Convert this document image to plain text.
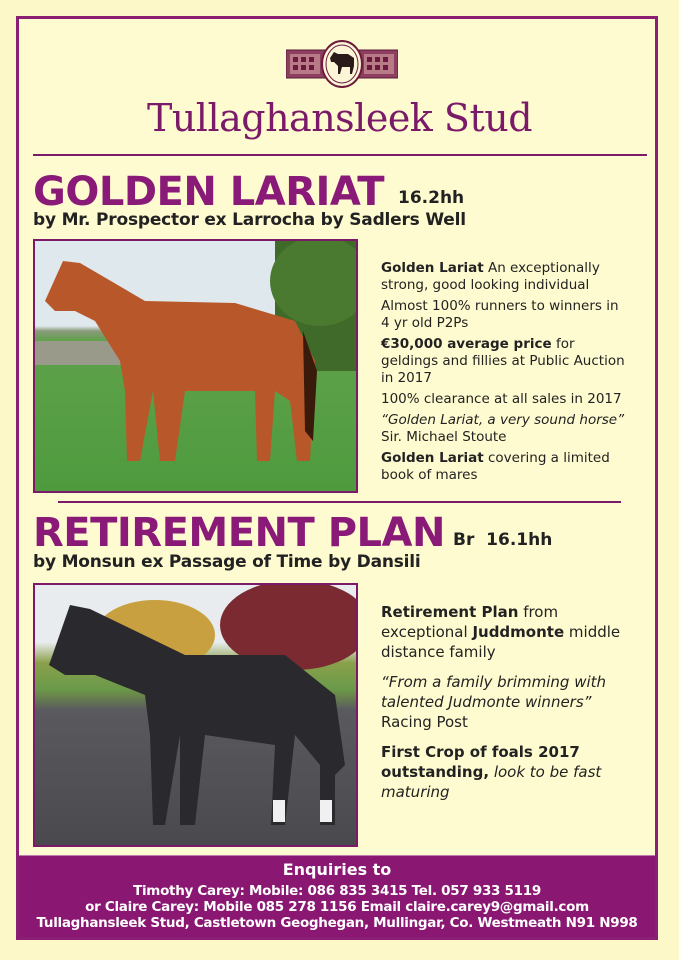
Tullaghansleek Stud
GOLDEN LARIAT 16.2hh
by Mr. Prospector ex Larrocha by Sadlers Well

Golden Lariat An exceptionally strong, good looking individual

Almost 100% runners to winners in 4 yr old P2Ps

€30,000 average price for geldings and fillies at Public Auction in 2017

100% clearance at all sales in 2017

“Golden Lariat, a very sound horse”
Sir. Michael Stoute

Golden Lariat covering a limited book of mares

RETIREMENT PLAN Br  16.1hh
by Monsun ex Passage of Time by Dansili

Retirement Plan from exceptional Juddmonte middle distance family

“From a family brimming with talented Judmonte winners”
Racing Post

First Crop of foals 2017 outstanding, look to be fast maturing

Enquiries to
Timothy Carey: Mobile: 086 835 3415 Tel. 057 933 5119
or Claire Carey: Mobile 085 278 1156 Email claire.carey9@gmail.com
Tullaghansleek Stud, Castletown Geoghegan, Mullingar, Co. Westmeath N91 N998
